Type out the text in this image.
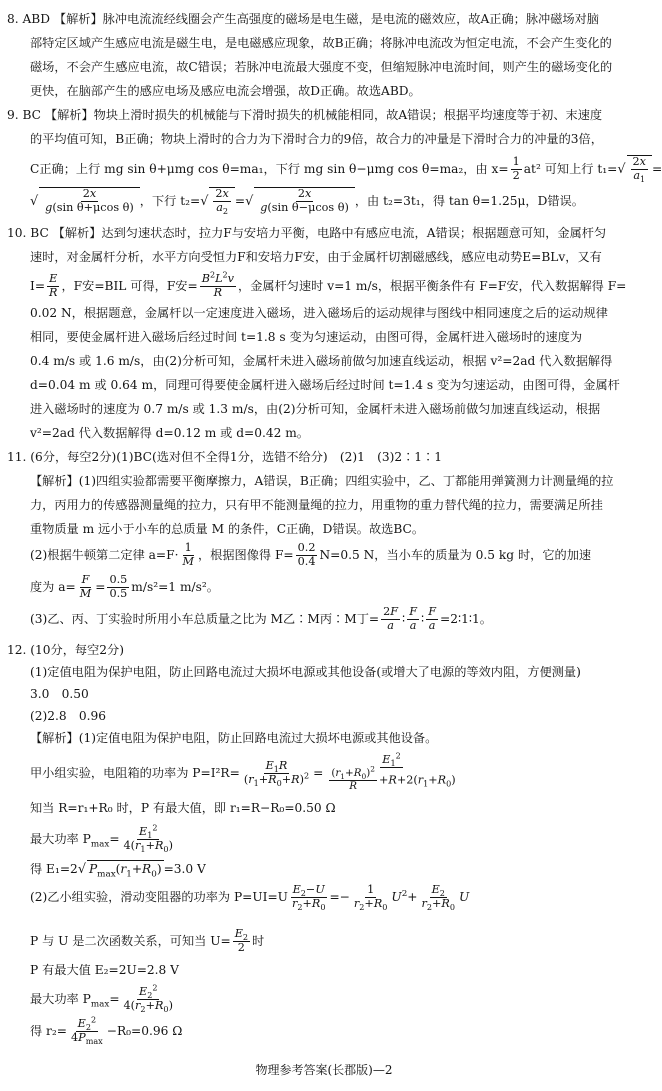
8. ABD 【解析】脉冲电流流经线圈会产生高强度的磁场是电生磁，是电流的磁效应，故A正确；脉冲磁场对脑
部特定区域产生感应电流是磁生电，是电磁感应现象，故B正确；将脉冲电流改为恒定电流，不会产生变化的
磁场，不会产生感应电流，故C错误；若脉冲电流最大强度不变，但缩短脉冲电流时间，则产生的磁场变化的
更快，在脑部产生的感应电场及感应电流会增强，故D正确。故选ABD。
9. BC 【解析】物块上滑时损失的机械能与下滑时损失的机械能相同，故A错误；根据平均速度等于初、末速度
的平均值可知，B正确；物块上滑时的合力为下滑时合力的9倍，故合力的冲量是下滑时合力的冲量的3倍，
C正确；上行 mg sin θ+μmg cos θ=ma₁，下行 mg sin θ−μmg cos θ=ma₂，由 $x= \frac{1}{2} at^2$ 可知上行 $t_1=√ \frac{2x}{a_1}$ =
√ $\frac{2x}{\text{g(sin θ+μcos θ)}}$ ，下行 $t_2=√ \frac{2x}{a_2}$ =√ $\frac{2x}{\text{g(sin θ−μcos θ)}}$ ，由 t₂=3t₁，得 tan θ=1.25μ，D错误。
10. BC 【解析】达到匀速状态时，拉力F与安培力平衡，电路中有感应电流，A错误；根据题意可知，金属杆匀
速时，对金属杆分析，水平方向受恒力F和安培力F安，由于金属杆切割磁感线，感应电动势E=BLv，又有
$I= \frac{E}{R}$ ，F安=BIL 可得，F安= $\frac{B^2L^2v}{R}$ ，金属杆匀速时 v=1 m/s，根据平衡条件有 F=F安，代入数据解得 F=
0.02 N，根据题意，金属杆以一定速度进入磁场，进入磁场后的运动规律与图线中相同速度之后的运动规律
相同，要使金属杆进入磁场后经过时间 t=1.8 s 变为匀速运动，由图可得，金属杆进入磁场时的速度为
0.4 m/s 或 1.6 m/s，由(2)分析可知，金属杆未进入磁场前做匀加速直线运动，根据 v²=2ad 代入数据解得
d=0.04 m 或 0.64 m，同理可得要使金属杆进入磁场后经过时间 t=1.4 s 变为匀速运动，由图可得，金属杆
进入磁场时的速度为 0.7 m/s 或 1.3 m/s，由(2)分析可知，金属杆未进入磁场前做匀加速直线运动，根据
v²=2ad 代入数据解得 d=0.12 m 或 d=0.42 m。
11. (6分，每空2分)(1)BC(选对但不全得1分，选错不给分)　(2)1　(3)2∶1∶1
【解析】(1)四组实验都需要平衡摩擦力，A错误，B正确；四组实验中，乙、丁都能用弹簧测力计测量绳的拉
力，丙用力的传感器测量绳的拉力，只有甲不能测量绳的拉力，用重物的重力替代绳的拉力，需要满足所挂
重物质量 m 远小于小车的总质量 M 的条件，C正确，D错误。故选BC。
(2)根据牛顿第二定律 $a=F\cdot \frac{1}{M}$ ，根据图像得 $F= \frac{0.2}{0.4} N=0.5$ N，当小车的质量为 0.5 kg 时，它的加速
度为 $a= \frac{F}{M} = \frac{0.5}{0.5} m/s^2=1$ m/s²。
(3)乙、丙、丁实验时所用小车总质量之比为 M乙∶M丙∶M丁= $\frac{2F}{a}$ ∶ $\frac{F}{a}$ ∶ $\frac{F}{a}$ =2∶1∶1。
12. (10分，每空2分)
(1)定值电阻为保护电阻，防止回路电流过大损坏电源或其他设备(或增大了电源的等效内阻，方便测量)
3.0　0.50
(2)2.8　0.96
【解析】(1)定值电阻为保护电阻，防止回路电流过大损坏电源或其他设备。
甲小组实验，电阻箱的功率为 $P=I^2R= \frac{E_1R}{(r_1+R_0+R)^2} = \frac{E_1^2}{\frac{(r_1+R_0)^2}{R} +R+2(r_1+R_0)}$
知当 R=r₁+R₀ 时，P 有最大值，即 r₁=R−R₀=0.50 Ω
最大功率 $P_{max}= \frac{E_1^2}{4(r_1+R_0)}$
得 E₁=2√ $P_{max}(r_1+R_0) =3.0$ V
(2)乙小组实验，滑动变阻器的功率为 $P=UI=U \frac{E_2-U}{r_2+R_0} =- \frac{1}{r_2+R_0} U^2+ \frac{E_2}{r_2+R_0}$ U
P 与 U 是二次函数关系，可知当 $U= \frac{E_2}{2}$ 时
P 有最大值 E₂=2U=2.8 V
最大功率 $P_{max}= \frac{E_2^2}{4(r_2+R_0)}$
得 r₂=
$E_2^2$
$4P_{max}$
−R₀=0.96 Ω
物理参考答案(长郡版)—2
